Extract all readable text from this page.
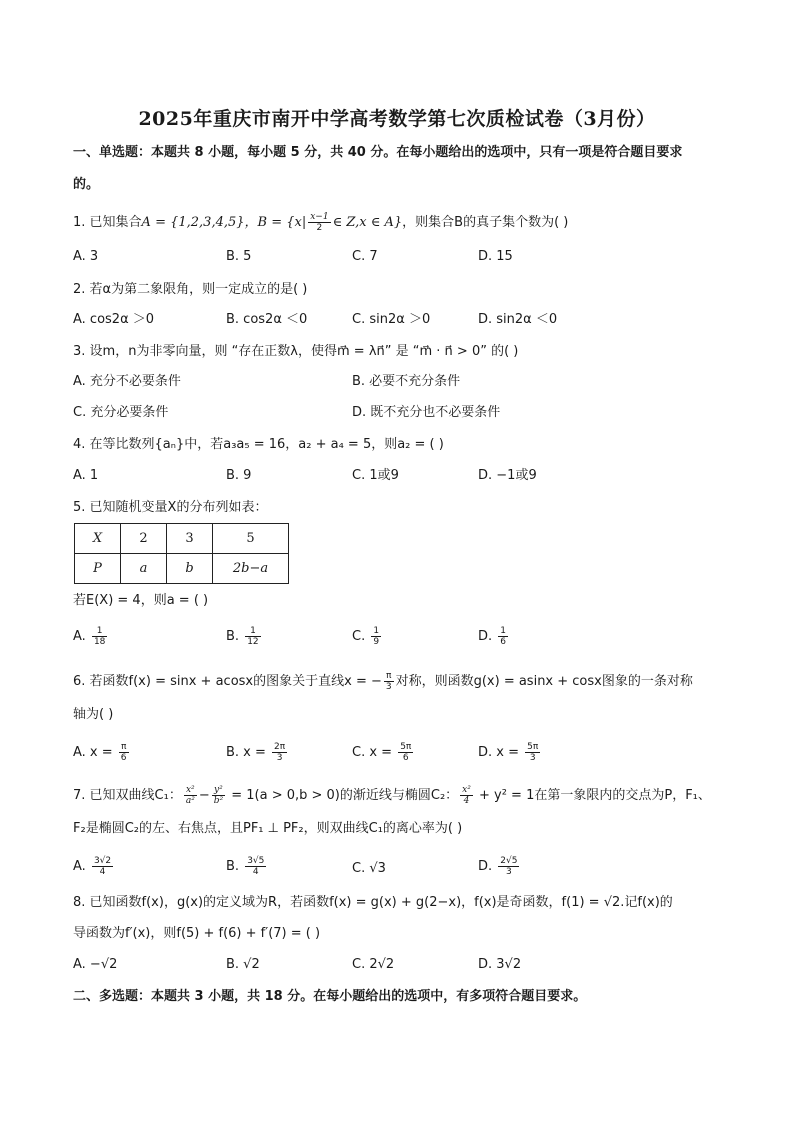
2025年重庆市南开中学高考数学第七次质检试卷（3月份）
一、单选题：本题共 8 小题，每小题 5 分，共 40 分。在每小题给出的选项中，只有一项是符合题目要求
的。
1. 已知集合A = {1,2,3,4,5}，$B = \{x| \frac{x-1}{2}$ ∈ Z,x ∈ A}，则集合B的真子集个数为( )
A. 3	B. 5	C. 7	D. 15
2. 若α为第二象限角，则一定成立的是( )
A. cos2α ＞0	B. cos2α ＜0	C. sin2α ＞0	D. sin2α ＜0
3. 设m，n为非零向量，则 “存在正数λ，使得m⃗ = λn⃗” 是 “m⃗ · n⃗ > 0” 的( )
A. 充分不必要条件	B. 必要不充分条件
C. 充分必要条件	D. 既不充分也不必要条件
4. 在等比数列{aₙ}中，若a₃a₅ = 16，a₂ + a₄ = 5，则a₂ = ( )
A. 1	B. 9	C. 1或9	D. −1或9
5. 已知随机变量X的分布列如表：
X	2	3	5
P	a	b	2b−a
若E(X) = 4，则a = ( )
A. $\frac{1}{18}$	B. $\frac{1}{12}$	C. $\frac{1}{9}$	D. $\frac{1}{6}$
6. 若函数f(x) = sinx + acosx的图象关于直线x = − $\frac{\pi}{3}$ 对称，则函数g(x) = asinx + cosx图象的一条对称
轴为( )
A. $x = \frac{\pi}{6}$	B. $x = \frac{2\pi}{3}$	C. $x = \frac{5\pi}{6}$	D. $x = \frac{5\pi}{3}$
7. 已知双曲线C₁： $\frac{\text{x²}}{\text{a²}} - \frac{\text{y²}}{\text{b²}} = 1(a > 0,b > 0)$的渐近线与椭圆C₂： $\frac{\text{x²}}{4} + y^2 = 1$在第一象限内的交点为P，F₁、
F₂是椭圆C₂的左、右焦点，且PF₁ ⊥ PF₂，则双曲线C₁的离心率为( )
A. $\frac{3√2}{4}$	B. $\frac{3√5}{4}$	C. √3	D. $\frac{2√5}{3}$
8. 已知函数f(x)，g(x)的定义域为R，若函数f(x) = g(x) + g(2−x)，f(x)是奇函数，f(1) = √2.记f(x)的
导函数为f′(x)，则f(5) + f(6) + f′(7) = ( )
A. −√2	B. √2	C. 2√2	D. 3√2
二、多选题：本题共 3 小题，共 18 分。在每小题给出的选项中，有多项符合题目要求。
